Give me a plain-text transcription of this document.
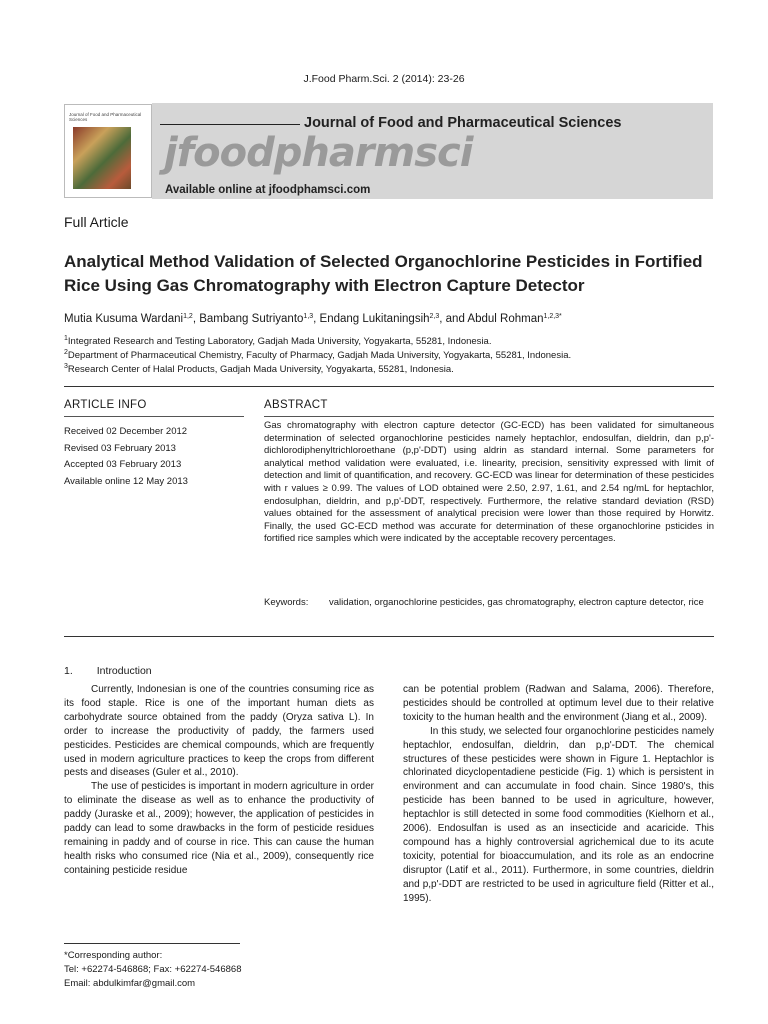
J.Food Pharm.Sci. 2 (2014): 23-26
Journal of Food and Pharmaceutical Sciences	Journal of Food and Pharmaceutical Sciences
jfoodpharmsci
Available online at jfoodphamsci.com
Full Article
Analytical Method Validation of Selected Organochlorine Pesticides in Fortified Rice Using Gas Chromatography with Electron Capture Detector
Mutia Kusuma Wardani$^{1,2}$, Bambang Sutriyanto$^{1,3}$, Endang Lukitaningsih$^{2,3}$, and Abdul Rohman$^{1,2,3*}$
$^1$Integrated Research and Testing Laboratory, Gadjah Mada University, Yogyakarta, 55281, Indonesia.
$^2$Department of Pharmaceutical Chemistry, Faculty of Pharmacy, Gadjah Mada University, Yogyakarta, 55281, Indonesia.
$^3$Research Center of Halal Products, Gadjah Mada University, Yogyakarta, 55281, Indonesia.
ARTICLE INFO
Received 02 December 2012
Revised 03 February 2013
Accepted 03 February 2013
Available online 12 May 2013
ABSTRACT
Gas chromatography with electron capture detector (GC-ECD) has been validated for simultaneous determination of selected organochlorine pesticides namely heptachlor, endosulfan, dieldrin, dan p,p'- dichlorodiphenyltrichloroethane (p,p'-DDT) using aldrin as standard internal. Some parameters for analytical method validation were evaluated, i.e. linearity, precision, sensitivity expressed with limit of detection and limit of quantification, and recovery. GC-ECD was linear for determination of these pesticides with r values ≥ 0.99. The values of LOD obtained were 2.50, 2.97, 1.61, and 2.54 ng/mL for heptachlor, endosulphan, dieldrin, and p,p'-DDT, respectively. Furthermore, the relative standard deviation (RSD) values obtained for the assessment of analytical precision were lower than those required by Horwitz. Finally, the used GC-ECD method was accurate for determination of these organochlorine psticides in fortified rice samples which were indicated by the acceptable recovery percentages.
Keywords: validation, organochlorine pesticides, gas chromatography, electron capture detector, rice
1. Introduction

Currently, Indonesian is one of the countries consuming rice as its food staple. Rice is one of the important human diets as carbohydrate source obtained from the paddy (Oryza sativa L). In order to increase the productivity of paddy, the farmers used pesticides. Pesticides are chemical compounds, which are frequently used in modern agriculture practices to keep the crops from different pests and diseases (Guler et al., 2010).

The use of pesticides is important in modern agriculture in order to eliminate the disease as well as to enhance the productivity of paddy (Juraske et al., 2009); however, the application of pesticides in paddy can lead to some drawbacks in the form of pesticide residues remaining in paddy and of course in rice. This can cause the human health risks who consumed rice (Nia et al., 2009), consequently rice containing pesticide residue

can be potential problem (Radwan and Salama, 2006). Therefore, pesticides should be controlled at optimum level due to their relative toxicity to the human health and the environment (Jiang et al., 2009).

In this study, we selected four organochlorine pesticides namely heptachlor, endosulfan, dieldrin, dan p,p'-DDT. The chemical structures of these pesticides were shown in Figure 1. Heptachlor is chlorinated dicyclopentadiene pesticide (Fig. 1) which is persistent in environment and can accumulate in food chain. Since 1980's, this pesticide has been banned to be used in agriculture, however, heptachlor is still detected in some food commodities (Kielhorn et al., 2006). Endosulfan is used as an insecticide and acaricide. This compound has a highly controversial agrichemical due to its acute toxicity, potential for bioaccumulation, and its role as an endocrine disruptor (Latif et al., 2011). Furthermore, in some countries, dieldrin and p,p'-DDT are restricted to be used in agriculture field (Ritter et al., 1995).

*Corresponding author:
Tel: +62274-546868; Fax: +62274-546868
Email: abdulkimfar@gmail.com
